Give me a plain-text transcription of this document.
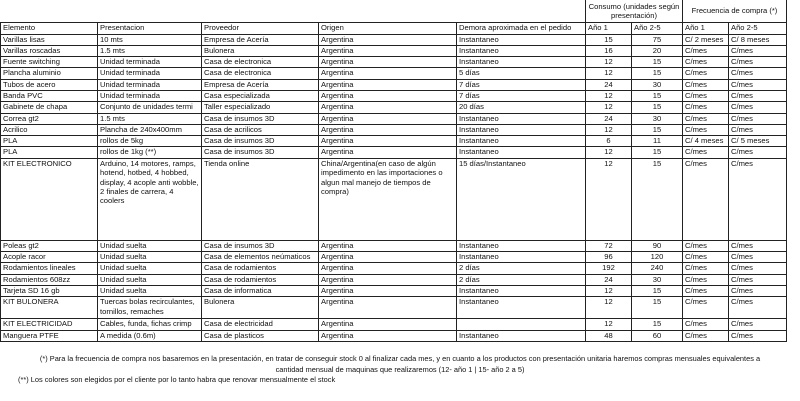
					Consumo (unidades según presentación)		Frecuencia de compra (*)	
Elemento	Presentacion	Proveedor	Origen	Demora aproximada en el pedido	Año 1	Año 2-5	Año 1	Año 2-5
Varillas lisas	10 mts	Empresa de Acería	Argentina	Instantaneo	15	75	C/ 2 meses	C/ 8 meses
Varillas roscadas	1.5 mts	Bulonera	Argentina	Instantaneo	16	20	C/mes	C/mes
Fuente switching	Unidad terminada	Casa de electronica	Argentina	Instantaneo	12	15	C/mes	C/mes
Plancha aluminio	Unidad terminada	Casa de electronica	Argentina	5 días	12	15	C/mes	C/mes
Tubos de acero	Unidad terminada	Empresa de Acería	Argentina	7 días	24	30	C/mes	C/mes
Banda PVC	Unidad terminada	Casa especializada	Argentina	7 días	12	15	C/mes	C/mes
Gabinete de chapa	Conjunto de unidades termi	Taller especializado	Argentina	20 días	12	15	C/mes	C/mes
Correa gt2	1.5 mts	Casa de insumos 3D	Argentina	Instantaneo	24	30	C/mes	C/mes
Acrilico	Plancha de 240x400mm	Casa de acrilicos	Argentina	Instantaneo	12	15	C/mes	C/mes
PLA	rollos de 5kg	Casa de insumos 3D	Argentina	Instantaneo	6	11	C/ 4 meses	C/ 5 meses
PLA	rollos de 1kg (**)	Casa de insumos 3D	Argentina	Instantaneo	12	15	C/mes	C/mes
KIT ELECTRONICO	Arduino, 14 motores, ramps, hotend, hotbed, 4 hobbed, display, 4 acople anti wobble, 2 finales de carrera, 4 coolers	Tienda online	China/Argentina(en caso de algún impedimento en las importaciones o algun mal manejo de tiempos de compra)	15 días/Instantaneo	12	15	C/mes	C/mes
Poleas gt2	Unidad suelta	Casa de insumos 3D	Argentina	Instantaneo	72	90	C/mes	C/mes
Acople racor	Unidad suelta	Casa de elementos neúmaticos	Argentina	Instantaneo	96	120	C/mes	C/mes
Rodamientos lineales	Unidad suelta	Casa de rodamientos	Argentina	2 días	192	240	C/mes	C/mes
Rodamientos 608zz	Unidad suelta	Casa de rodamientos	Argentina	2 días	24	30	C/mes	C/mes
Tarjeta SD 16 gb	Unidad suelta	Casa de informatica	Argentina	Instantaneo	12	15	C/mes	C/mes
KIT BULONERA	Tuercas bolas recirculantes, tornillos, remaches	Bulonera	Argentina	Instantaneo	12	15	C/mes	C/mes
KIT ELECTRICIDAD	Cables, funda, fichas crimp	Casa de electricidad	Argentina		12	15	C/mes	C/mes
Manguera PTFE	A medida (0.6m)	Casa de plasticos	Argentina	Instantaneo	48	60	C/mes	C/mes
(*) Para la frecuencia de compra nos basaremos en la presentación, en tratar de conseguir stock 0 al finalizar cada mes, y en cuanto a los productos con presentación unitaria haremos compras mensuales equivalentes a cantidad mensual de maquinas que realizaremos (12- año 1 | 15- año 2 a 5)
(**) Los colores son elegidos por el cliente por lo tanto habra que renovar mensualmente el stock
